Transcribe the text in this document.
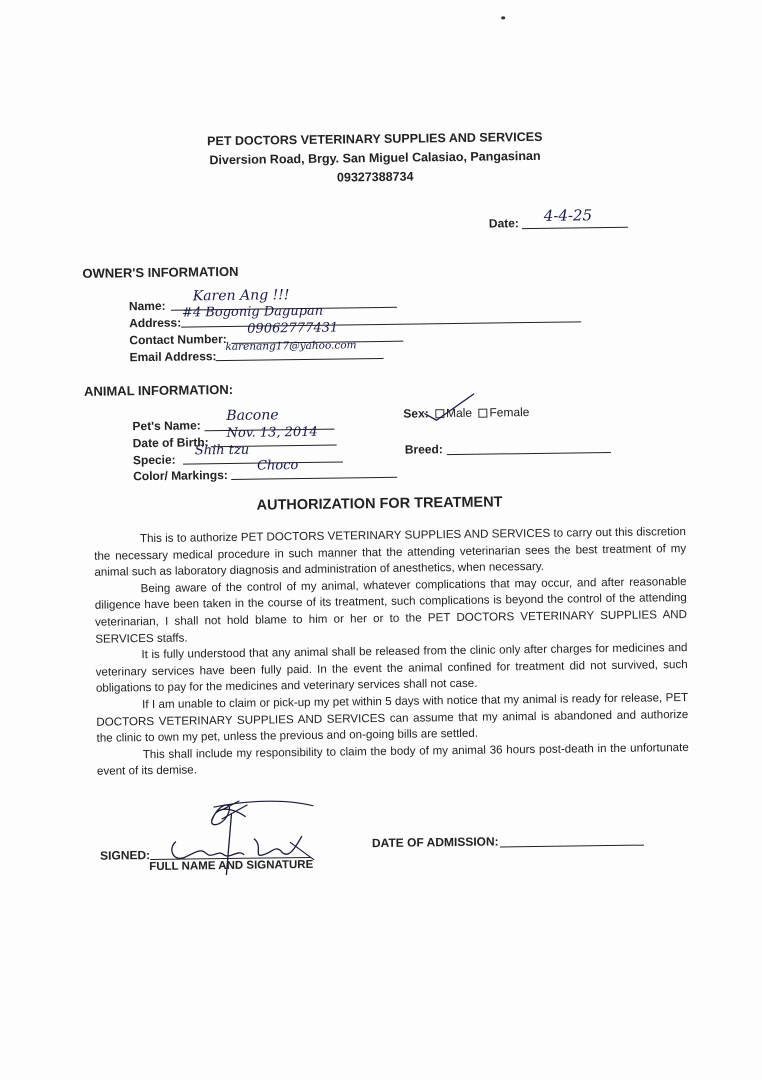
PET DOCTORS VETERINARY SUPPLIES AND SERVICES
Diversion Road, Brgy. San Miguel Calasiao, Pangasinan
09327388734
Date: 4-4-25
OWNER'S INFORMATION
Name:
Karen Ang !!!
Address:
#4 Bogonig Dagupan
Contact Number:
09062777431
Email Address:
karenang17@yahoo.com
ANIMAL INFORMATION:
Pet's Name:
Bacone
Date of Birth:
Nov. 13, 2014
Specie:
Shih tzu
Color/ Markings:
Choco
Sex: Male Female
Breed:
AUTHORIZATION FOR TREATMENT

This is to authorize PET DOCTORS VETERINARY SUPPLIES AND SERVICES to carry out this discretion the necessary medical procedure in such manner that the attending veterinarian sees the best treatment of my animal such as laboratory diagnosis and administration of anesthetics, when necessary.

Being aware of the control of my animal, whatever complications that may occur, and after reasonable diligence have been taken in the course of its treatment, such complications is beyond the control of the attending veterinarian, I shall not hold blame to him or her or to the PET DOCTORS VETERINARY SUPPLIES AND SERVICES staffs.

It is fully understood that any animal shall be released from the clinic only after charges for medicines and veterinary services have been fully paid. In the event the animal confined for treatment did not survived, such obligations to pay for the medicines and veterinary services shall not case.

If I am unable to claim or pick-up my pet within 5 days with notice that my animal is ready for release, PET DOCTORS VETERINARY SUPPLIES AND SERVICES can assume that my animal is abandoned and authorize the clinic to own my pet, unless the previous and on-going bills are settled.

This shall include my responsibility to claim the body of my animal 36 hours post-death in the unfortunate event of its demise.

SIGNED:
FULL NAME AND SIGNATURE
DATE OF ADMISSION:
